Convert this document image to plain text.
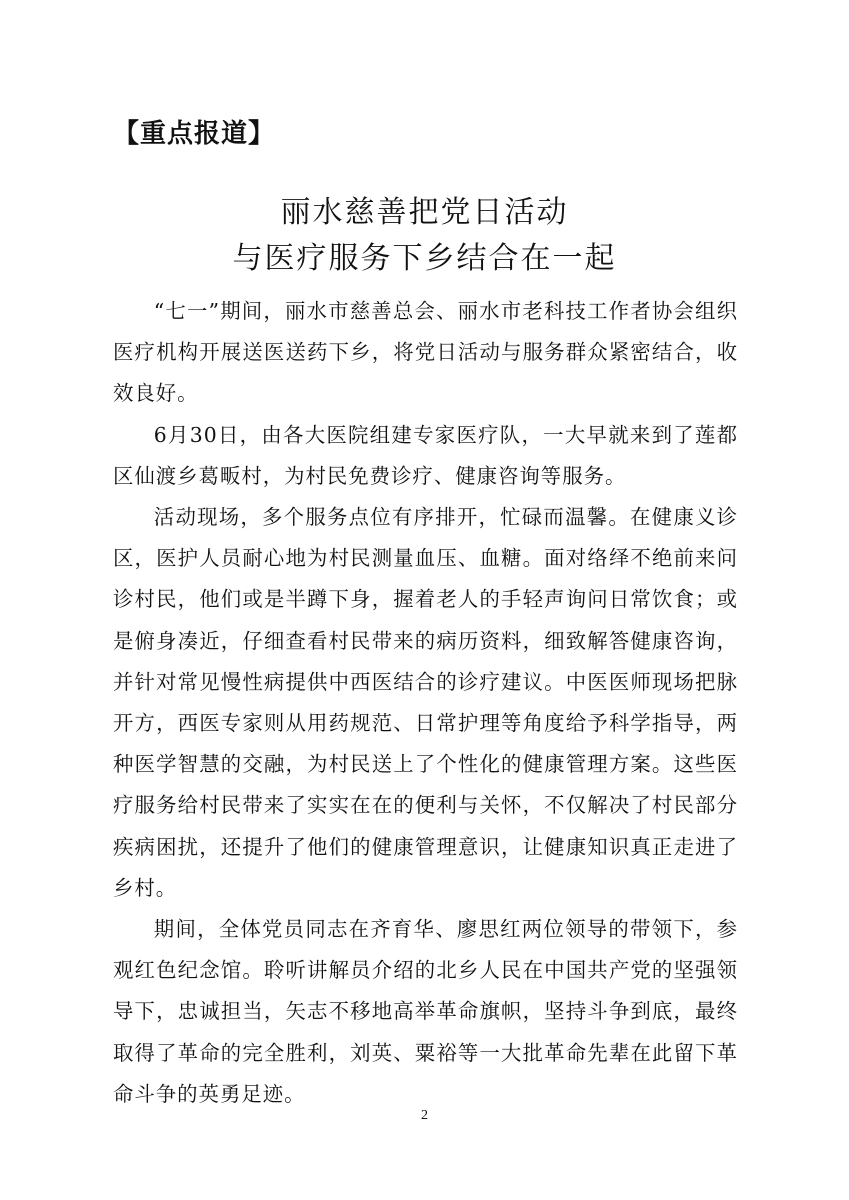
【重点报道】
丽水慈善把党日活动
与医疗服务下乡结合在一起

“七一”期间，丽水市慈善总会、丽水市老科技工作者协会组织医疗机构开展送医送药下乡，将党日活动与服务群众紧密结合，收效良好。

6月30日，由各大医院组建专家医疗队，一大早就来到了莲都区仙渡乡葛畈村，为村民免费诊疗、健康咨询等服务。

活动现场，多个服务点位有序排开，忙碌而温馨。在健康义诊区，医护人员耐心地为村民测量血压、血糖。面对络绎不绝前来问诊村民，他们或是半蹲下身，握着老人的手轻声询问日常饮食；或是俯身凑近，仔细查看村民带来的病历资料，细致解答健康咨询，并针对常见慢性病提供中西医结合的诊疗建议。中医医师现场把脉开方，西医专家则从用药规范、日常护理等角度给予科学指导，两种医学智慧的交融，为村民送上了个性化的健康管理方案。这些医疗服务给村民带来了实实在在的便利与关怀，不仅解决了村民部分疾病困扰，还提升了他们的健康管理意识，让健康知识真正走进了乡村。

期间，全体党员同志在齐育华、廖思红两位领导的带领下，参观红色纪念馆。聆听讲解员介绍的北乡人民在中国共产党的坚强领导下，忠诚担当，矢志不移地高举革命旗帜，坚持斗争到底，最终取得了革命的完全胜利，刘英、粟裕等一大批革命先辈在此留下革命斗争的英勇足迹。

2
